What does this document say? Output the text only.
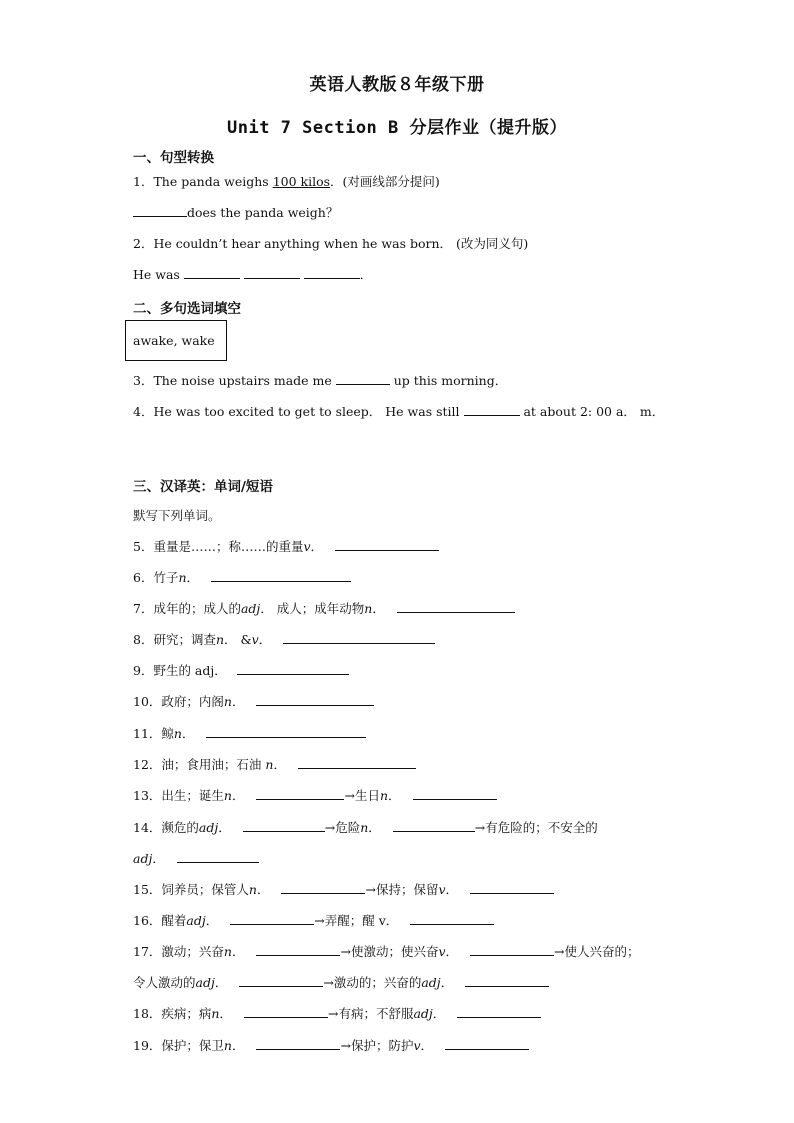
英语人教版８年级下册
Unit 7 Section B 分层作业（提升版）
一、句型转换
1．The panda weighs 100 kilos．(对画线部分提问)
does the panda weigh？
2．He couldn’t hear anything when he was born． (改为同义句)
He was	．
二、多句选词填空
awake, wake
3．The noise upstairs made me	up this morning．
4．He was too excited to get to sleep． He was still	at about 2: 00 a． m．
三、汉译英：单词/短语
默写下列单词。
5．重量是……；称……的重量v．
6．竹子n．
7．成年的；成人的adj． 成人；成年动物n．
8．研究；调查n． &v．
9．野生的 adj．
10．政府；内阁n．
11．鲸n．
12．油；食用油；石油 n．
13．出生；诞生n．	→生日n．
14．濒危的adj．	→危险n．	→有危险的；不安全的
adj．
15．饲养员；保管人n．	→保持；保留v．
16．醒着adj．	→弄醒；醒 v．
17．激动；兴奋n．	→使激动；使兴奋v．	→使人兴奋的；
令人激动的adj．	→激动的；兴奋的adj．
18．疾病；病n．	→有病；不舒服adj．
19．保护；保卫n．	→保护；防护v．
